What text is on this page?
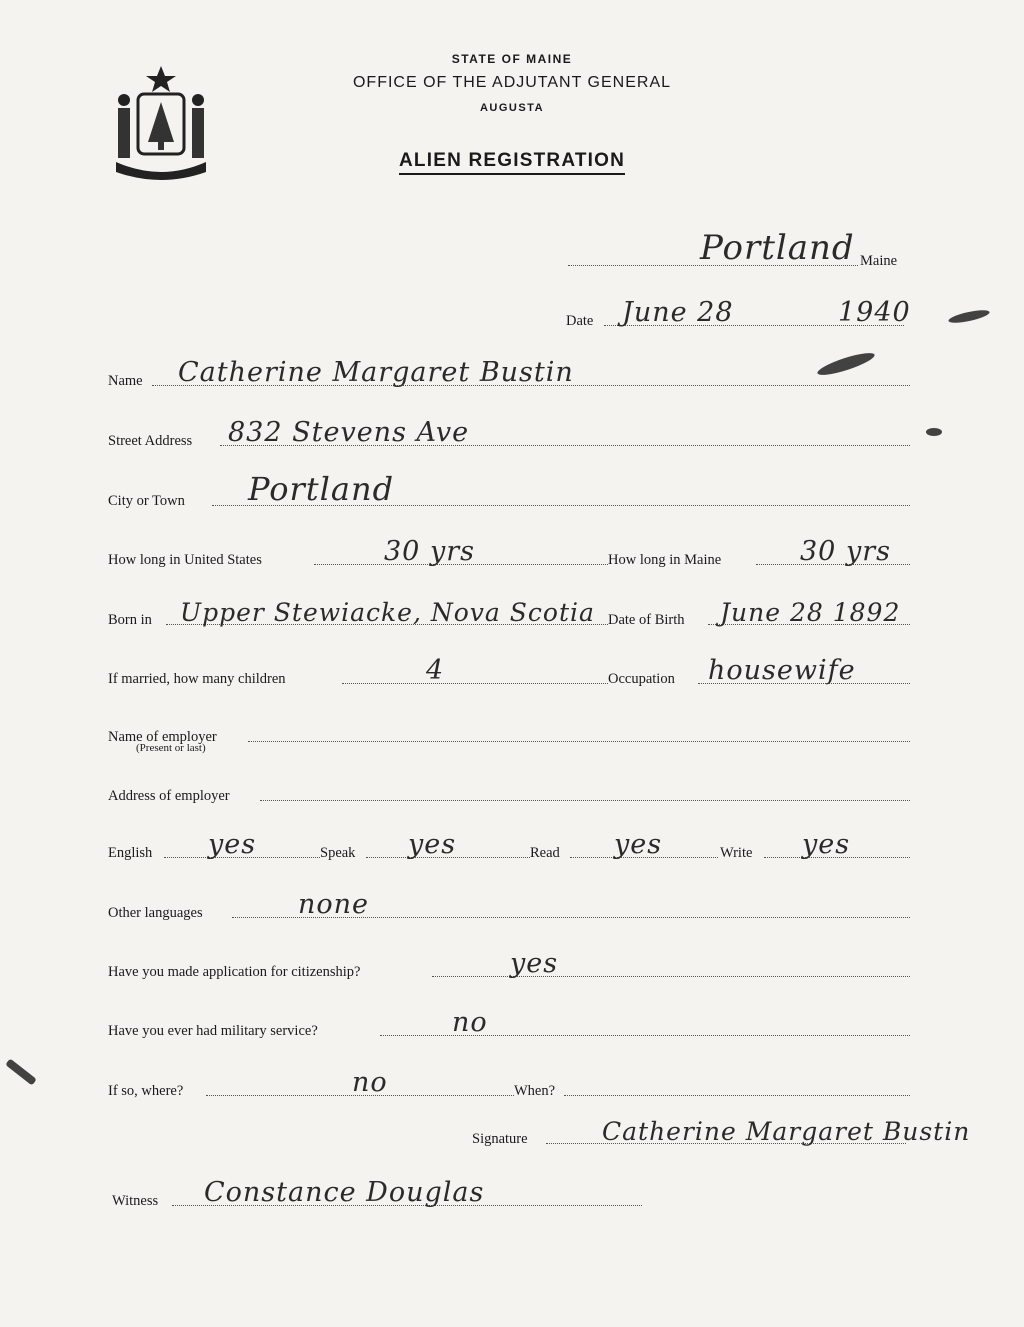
STATE OF MAINE
OFFICE OF THE ADJUTANT GENERAL
AUGUSTA
ALIEN REGISTRATION
Portland Maine
Date June 28	1940
Name Catherine Margaret Bustin
Street Address 832 Stevens Ave
City or Town Portland
How long in United States	30 yrs	How long in Maine	30 yrs
Born in Upper Stewiacke, Nova Scotia Date of Birth June 28 1892
If married, how many children	4	Occupation housewife
Name of employer
(Present or last)
Address of employer
English yes	Speak yes	Read yes	Write yes
Other languages	none
Have you made application for citizenship?	yes
Have you ever had military service?	no
If so, where?	no	When?
Signature	Catherine Margaret Bustin
Witness Constance Douglas
